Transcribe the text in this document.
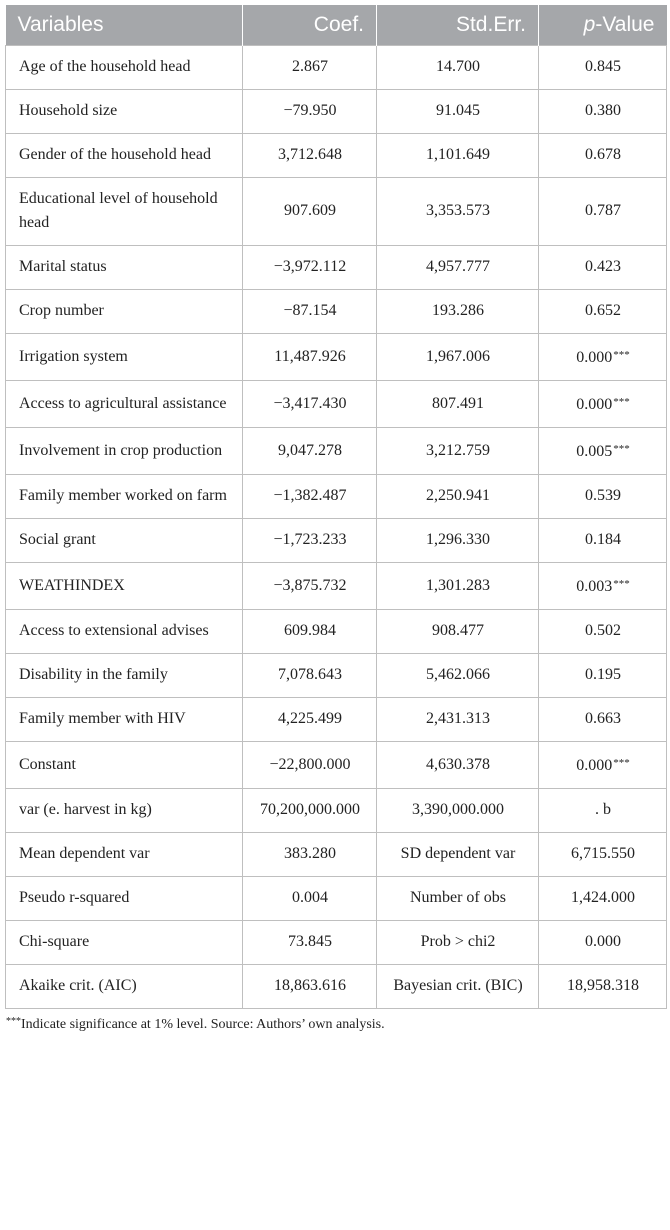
Variables	Coef.	Std.Err.	p-Value
Age of the household head	2.867	14.700	0.845
Household size	−79.950	91.045	0.380
Gender of the household head	3,712.648	1,101.649	0.678
Educational level of household head	907.609	3,353.573	0.787
Marital status	−3,972.112	4,957.777	0.423
Crop number	−87.154	193.286	0.652
Irrigation system	11,487.926	1,967.006	0.000***
Access to agricultural assistance	−3,417.430	807.491	0.000***
Involvement in crop production	9,047.278	3,212.759	0.005***
Family member worked on farm	−1,382.487	2,250.941	0.539
Social grant	−1,723.233	1,296.330	0.184
WEATHINDEX	−3,875.732	1,301.283	0.003***
Access to extensional advises	609.984	908.477	0.502
Disability in the family	7,078.643	5,462.066	0.195
Family member with HIV	4,225.499	2,431.313	0.663
Constant	−22,800.000	4,630.378	0.000***
var (e. harvest in kg)	70,200,000.000	3,390,000.000	. b
Mean dependent var	383.280	SD dependent var	6,715.550
Pseudo r-squared	0.004	Number of obs	1,424.000
Chi-square	73.845	Prob > chi2	0.000
Akaike crit. (AIC)	18,863.616	Bayesian crit. (BIC)	18,958.318
***Indicate significance at 1% level. Source: Authors’ own analysis.
